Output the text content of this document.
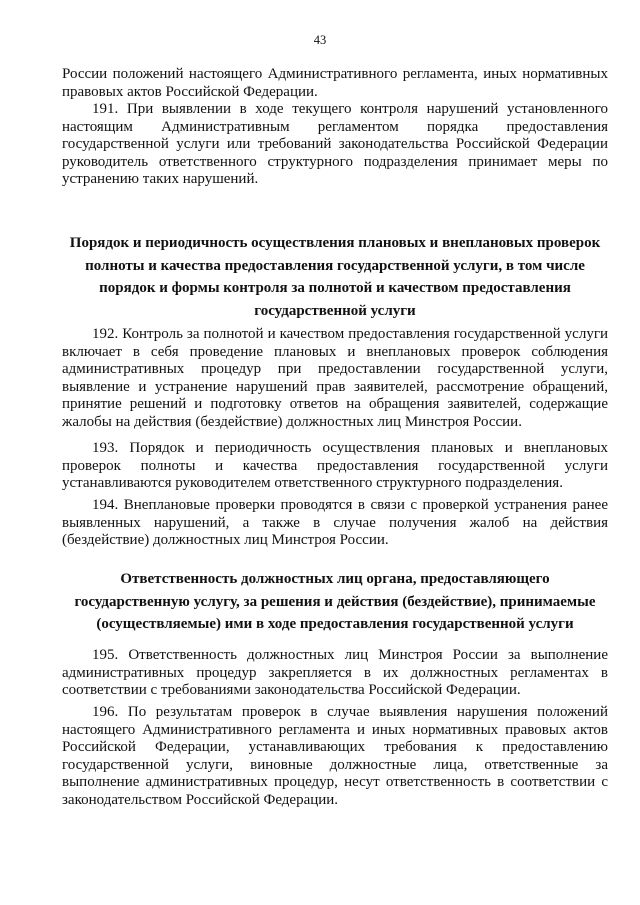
43

России положений настоящего Административного регламента, иных нормативных правовых актов Российской Федерации.

191. При выявлении в ходе текущего контроля нарушений установленного настоящим Административным регламентом порядка предоставления государственной услуги или требований законодательства Российской Федерации руководитель ответственного структурного подразделения принимает меры по устранению таких нарушений.

Порядок и периодичность осуществления плановых и внеплановых проверок полноты и качества предоставления государственной услуги, в том числе порядок и формы контроля за полнотой и качеством предоставления государственной услуги

192. Контроль за полнотой и качеством предоставления государственной услуги включает в себя проведение плановых и внеплановых проверок соблюдения административных процедур при предоставлении государственной услуги, выявление и устранение нарушений прав заявителей, рассмотрение обращений, принятие решений и подготовку ответов на обращения заявителей, содержащие жалобы на действия (бездействие) должностных лиц Минстроя России.

193. Порядок и периодичность осуществления плановых и внеплановых проверок полноты и качества предоставления государственной услуги устанавливаются руководителем ответственного структурного подразделения.

194. Внеплановые проверки проводятся в связи с проверкой устранения ранее выявленных нарушений, а также в случае получения жалоб на действия (бездействие) должностных лиц Минстроя России.

Ответственность должностных лиц органа, предоставляющего государственную услугу, за решения и действия (бездействие), принимаемые (осуществляемые) ими в ходе предоставления государственной услуги

195. Ответственность должностных лиц Минстроя России за выполнение административных процедур закрепляется в их должностных регламентах в соответствии с требованиями законодательства Российской Федерации.

196. По результатам проверок в случае выявления нарушения положений настоящего Административного регламента и иных нормативных правовых актов Российской Федерации, устанавливающих требования к предоставлению государственной услуги, виновные должностные лица, ответственные за выполнение административных процедур, несут ответственность в соответствии с законодательством Российской Федерации.
